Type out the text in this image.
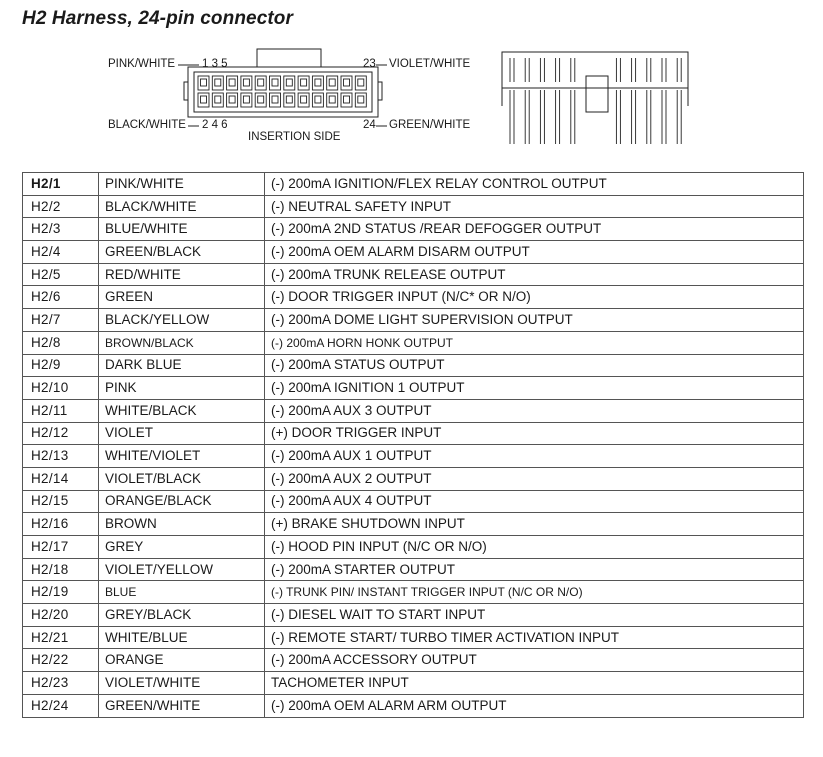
H2 Harness, 24-pin connector
PINK/WHITE 1 3 5	23 VIOLET/WHITE
BLACK/WHITE 2 4 6	24 GREEN/WHITE
INSERTION SIDE
H2/1	PINK/WHITE	(-) 200mA IGNITION/FLEX RELAY CONTROL OUTPUT
H2/2	BLACK/WHITE	(-) NEUTRAL SAFETY INPUT
H2/3	BLUE/WHITE	(-) 200mA 2ND STATUS /REAR DEFOGGER OUTPUT
H2/4	GREEN/BLACK	(-) 200mA OEM ALARM DISARM OUTPUT
H2/5	RED/WHITE	(-) 200mA TRUNK RELEASE OUTPUT
H2/6	GREEN	(-) DOOR TRIGGER INPUT (N/C* OR N/O)
H2/7	BLACK/YELLOW	(-) 200mA DOME LIGHT SUPERVISION OUTPUT
H2/8	BROWN/BLACK	(-) 200mA HORN HONK OUTPUT
H2/9	DARK BLUE	(-) 200mA STATUS OUTPUT
H2/10	PINK	(-) 200mA IGNITION 1 OUTPUT
H2/11	WHITE/BLACK	(-) 200mA AUX 3 OUTPUT
H2/12	VIOLET	(+) DOOR TRIGGER INPUT
H2/13	WHITE/VIOLET	(-) 200mA AUX 1 OUTPUT
H2/14	VIOLET/BLACK	(-) 200mA AUX 2 OUTPUT
H2/15	ORANGE/BLACK	(-) 200mA AUX 4 OUTPUT
H2/16	BROWN	(+) BRAKE SHUTDOWN INPUT
H2/17	GREY	(-) HOOD PIN INPUT (N/C OR N/O)
H2/18	VIOLET/YELLOW	(-) 200mA STARTER OUTPUT
H2/19	BLUE	(-) TRUNK PIN/ INSTANT TRIGGER INPUT (N/C OR N/O)
H2/20	GREY/BLACK	(-) DIESEL WAIT TO START INPUT
H2/21	WHITE/BLUE	(-) REMOTE START/ TURBO TIMER ACTIVATION INPUT
H2/22	ORANGE	(-) 200mA ACCESSORY OUTPUT
H2/23	VIOLET/WHITE	TACHOMETER INPUT
H2/24	GREEN/WHITE	(-) 200mA OEM ALARM ARM OUTPUT
